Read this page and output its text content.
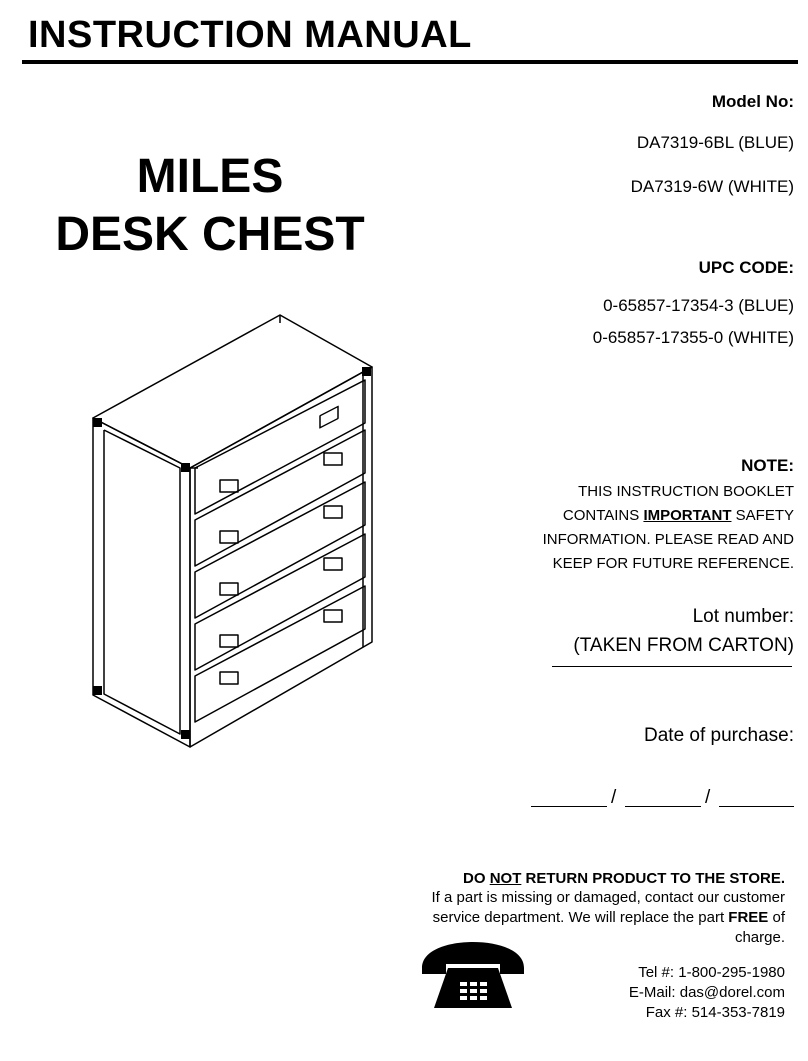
INSTRUCTION MANUAL
MILES
DESK CHEST
Model No:
DA7319-6BL (BLUE)
DA7319-6W (WHITE)
UPC CODE:
0-65857-17354-3 (BLUE)
0-65857-17355-0 (WHITE)
NOTE:
THIS INSTRUCTION BOOKLET
CONTAINS IMPORTANT SAFETY
INFORMATION. PLEASE READ AND
KEEP FOR FUTURE REFERENCE.
Lot number:
(TAKEN FROM CARTON)
Date of purchase:
/	/
DO NOT RETURN PRODUCT TO THE STORE.
If a part is missing or damaged, contact our customer
service department. We will replace the part FREE of
charge.
Tel #: 1-800-295-1980
E-Mail: das@dorel.com
Fax #: 514-353-7819
